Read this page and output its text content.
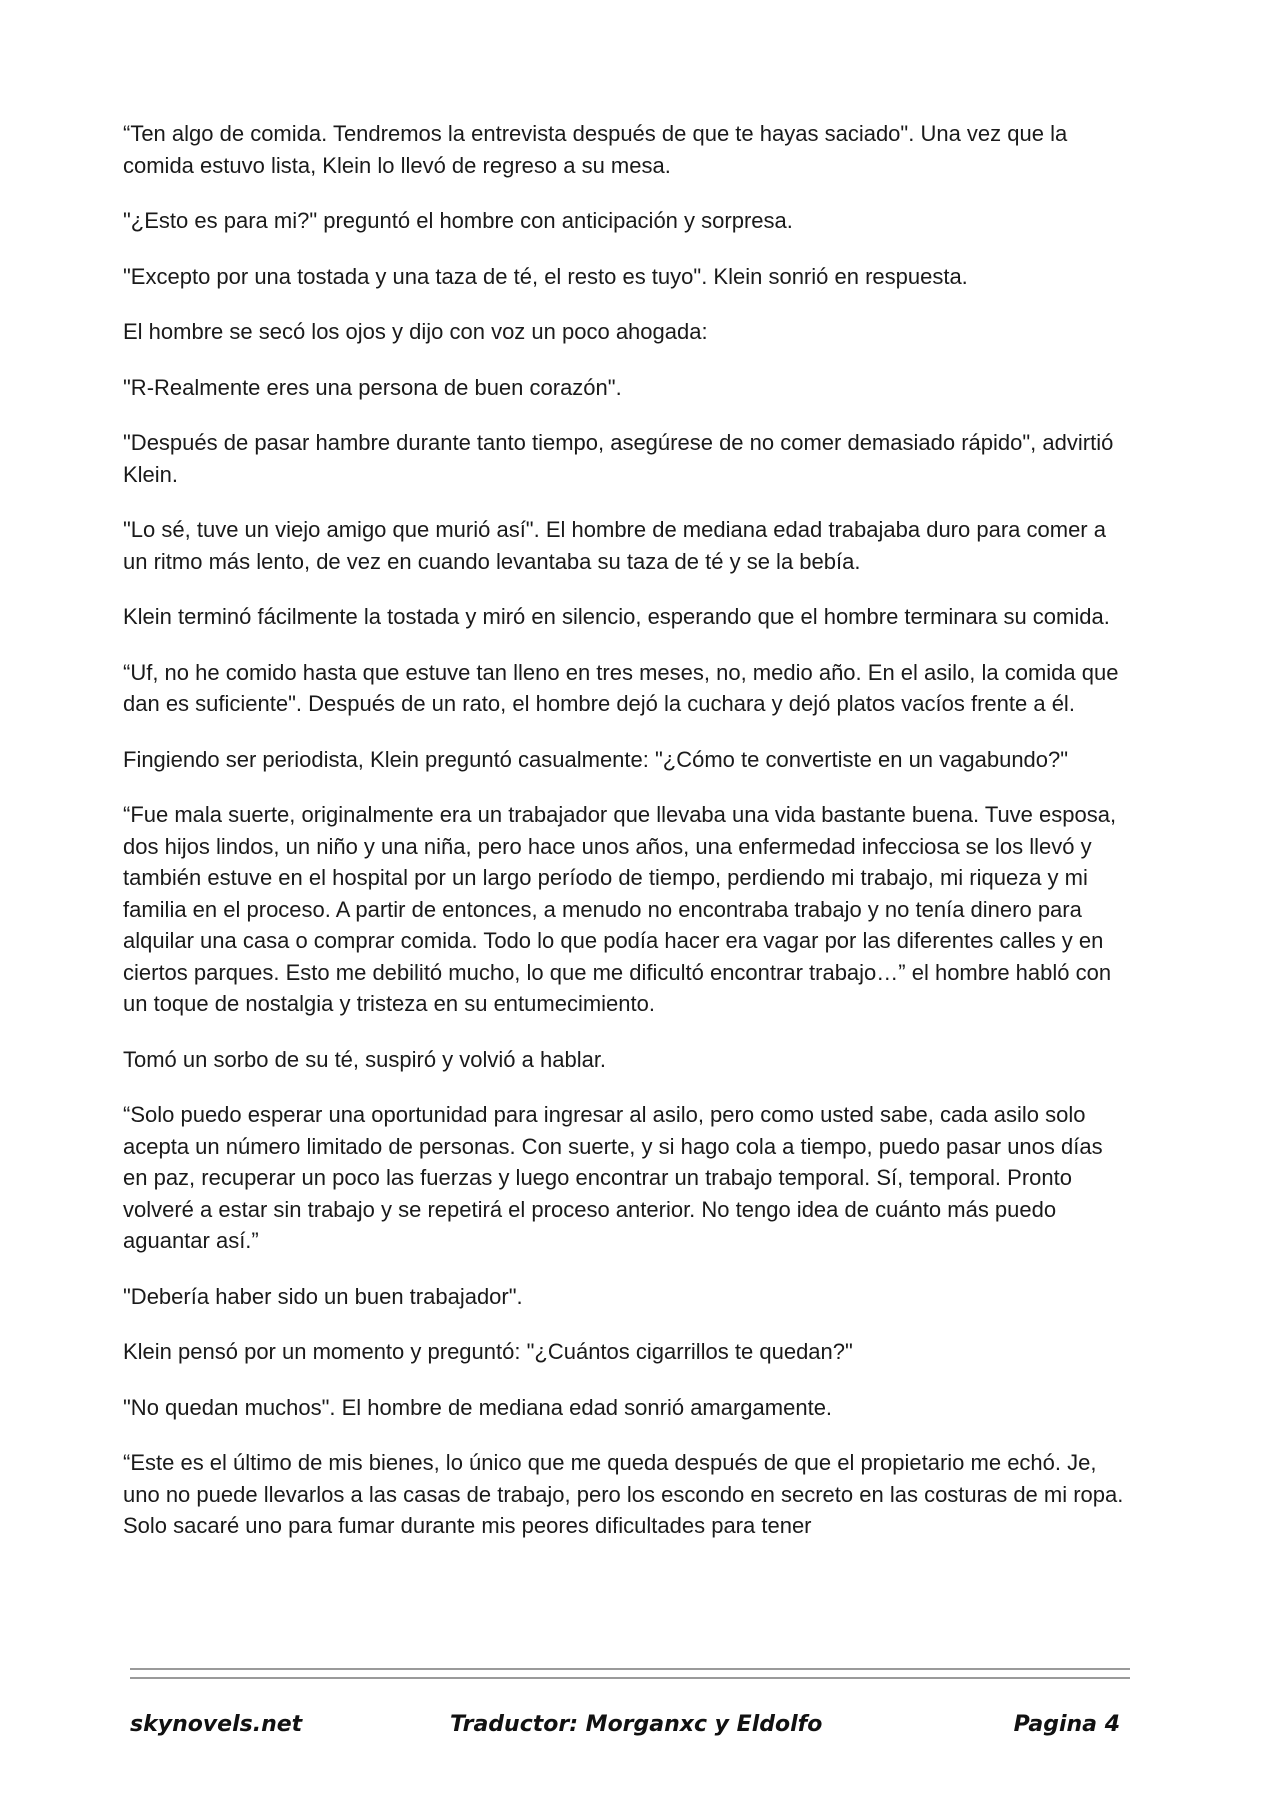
“Ten algo de comida. Tendremos la entrevista después de que te hayas saciado". Una vez que la comida estuvo lista, Klein lo llevó de regreso a su mesa.

"¿Esto es para mi?" preguntó el hombre con anticipación y sorpresa.

"Excepto por una tostada y una taza de té, el resto es tuyo". Klein sonrió en respuesta.

El hombre se secó los ojos y dijo con voz un poco ahogada:

"R-Realmente eres una persona de buen corazón".

"Después de pasar hambre durante tanto tiempo, asegúrese de no comer demasiado rápido", advirtió Klein.

"Lo sé, tuve un viejo amigo que murió así". El hombre de mediana edad trabajaba duro para comer a un ritmo más lento, de vez en cuando levantaba su taza de té y se la bebía.

Klein terminó fácilmente la tostada y miró en silencio, esperando que el hombre terminara su comida.

“Uf, no he comido hasta que estuve tan lleno en tres meses, no, medio año. En el asilo, la comida que dan es suficiente". Después de un rato, el hombre dejó la cuchara y dejó platos vacíos frente a él.

Fingiendo ser periodista, Klein preguntó casualmente: "¿Cómo te convertiste en un vagabundo?"

“Fue mala suerte, originalmente era un trabajador que llevaba una vida bastante buena. Tuve esposa, dos hijos lindos, un niño y una niña, pero hace unos años, una enfermedad infecciosa se los llevó y también estuve en el hospital por un largo período de tiempo, perdiendo mi trabajo, mi riqueza y mi familia en el proceso. A partir de entonces, a menudo no encontraba trabajo y no tenía dinero para alquilar una casa o comprar comida. Todo lo que podía hacer era vagar por las diferentes calles y en ciertos parques. Esto me debilitó mucho, lo que me dificultó encontrar trabajo…” el hombre habló con un toque de nostalgia y tristeza en su entumecimiento.

Tomó un sorbo de su té, suspiró y volvió a hablar.

“Solo puedo esperar una oportunidad para ingresar al asilo, pero como usted sabe, cada asilo solo acepta un número limitado de personas. Con suerte, y si hago cola a tiempo, puedo pasar unos días en paz, recuperar un poco las fuerzas y luego encontrar un trabajo temporal. Sí, temporal. Pronto volveré a estar sin trabajo y se repetirá el proceso anterior. No tengo idea de cuánto más puedo aguantar así.”

"Debería haber sido un buen trabajador".

Klein pensó por un momento y preguntó: "¿Cuántos cigarrillos te quedan?"

"No quedan muchos". El hombre de mediana edad sonrió amargamente.

“Este es el último de mis bienes, lo único que me queda después de que el propietario me echó. Je, uno no puede llevarlos a las casas de trabajo, pero los escondo en secreto en las costuras de mi ropa. Solo sacaré uno para fumar durante mis peores dificultades para tener

skynovels.net	Traductor: Morganxc y Eldolfo	Pagina 4
